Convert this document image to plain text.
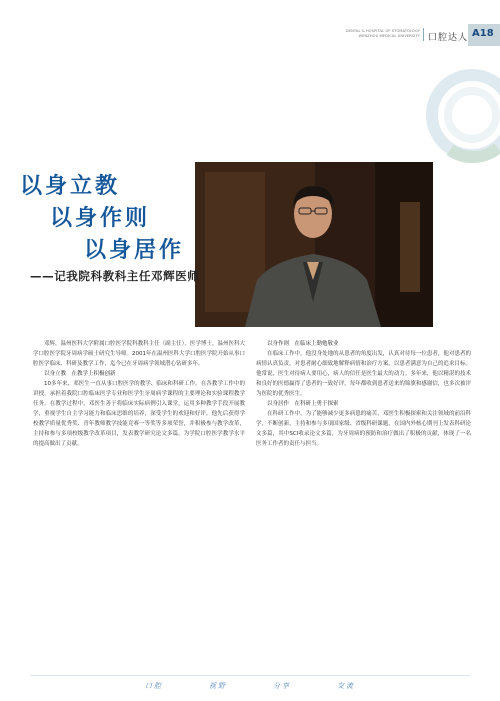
DENTAL & HOSPITAL OF STOMATOLOGY
WENZHOU MEDICAL UNIVERSITY 口腔达人 A18
以身立教
以身作则
以身居作
——记我院科教科主任邓辉医师

邓辉，温州医科大学附属口腔医学院科教科主任（副主任），医学博士，温州医科大学口腔医学院牙周病学硕士研究生导师。2001年在温州医科大学口腔医学院开始从事口腔医学临床、科研及教学工作，迄今已在牙周病学领域潜心钻研多年。

以身立教　在教学上积极创新

10多年来，邓医生一直从事口腔医学的教学、临床和科研工作，在各教学工作中的讲授，承担着我院口腔临床医学专业和医学生牙周病学课程的主要理论和实验课程教学任务。在教学过程中，邓医生善于将临床实际病例引入课堂，运用多种教学手段开展教学，重视学生自主学习能力和临床思维的培养，深受学生的欢迎和好评。他先后获得学校教学质量优秀奖、青年教师教学技能竞赛一等奖等多项荣誉，并积极参与教学改革，主持和参与多项校级教学改革项目，发表教学研究论文多篇，为学院口腔医学教学水平的提高做出了贡献。

以身作则　在临床上勤勉敬业

在临床工作中，他没身处地的从患者的角度出发，认真对待每一位患者，他对患者的病情认真负责，对患者耐心细致地解释病情和治疗方案，以患者满意为自己的追求目标。他常说，医生对待病人要用心，病人的信任是医生最大的动力。多年来，他以精湛的技术和良好的医德赢得了患者的一致好评，每年都收到患者送来的锦旗和感谢信，也多次被评为医院的优秀医生。

以身居作　在科研上勇于探索

在科研工作中，为了能够减少更多病患的痛苦，邓医生积极探索和关注领域的前沿科学，不断创新，主持和参与多项国家级、省级科研课题，在国内外核心期刊上发表科研论文多篇，其中SCI收录论文多篇，为牙周病的预防和治疗做出了积极的贡献，体现了一名医务工作者的责任与担当。

口腔	视野	分享	交流
